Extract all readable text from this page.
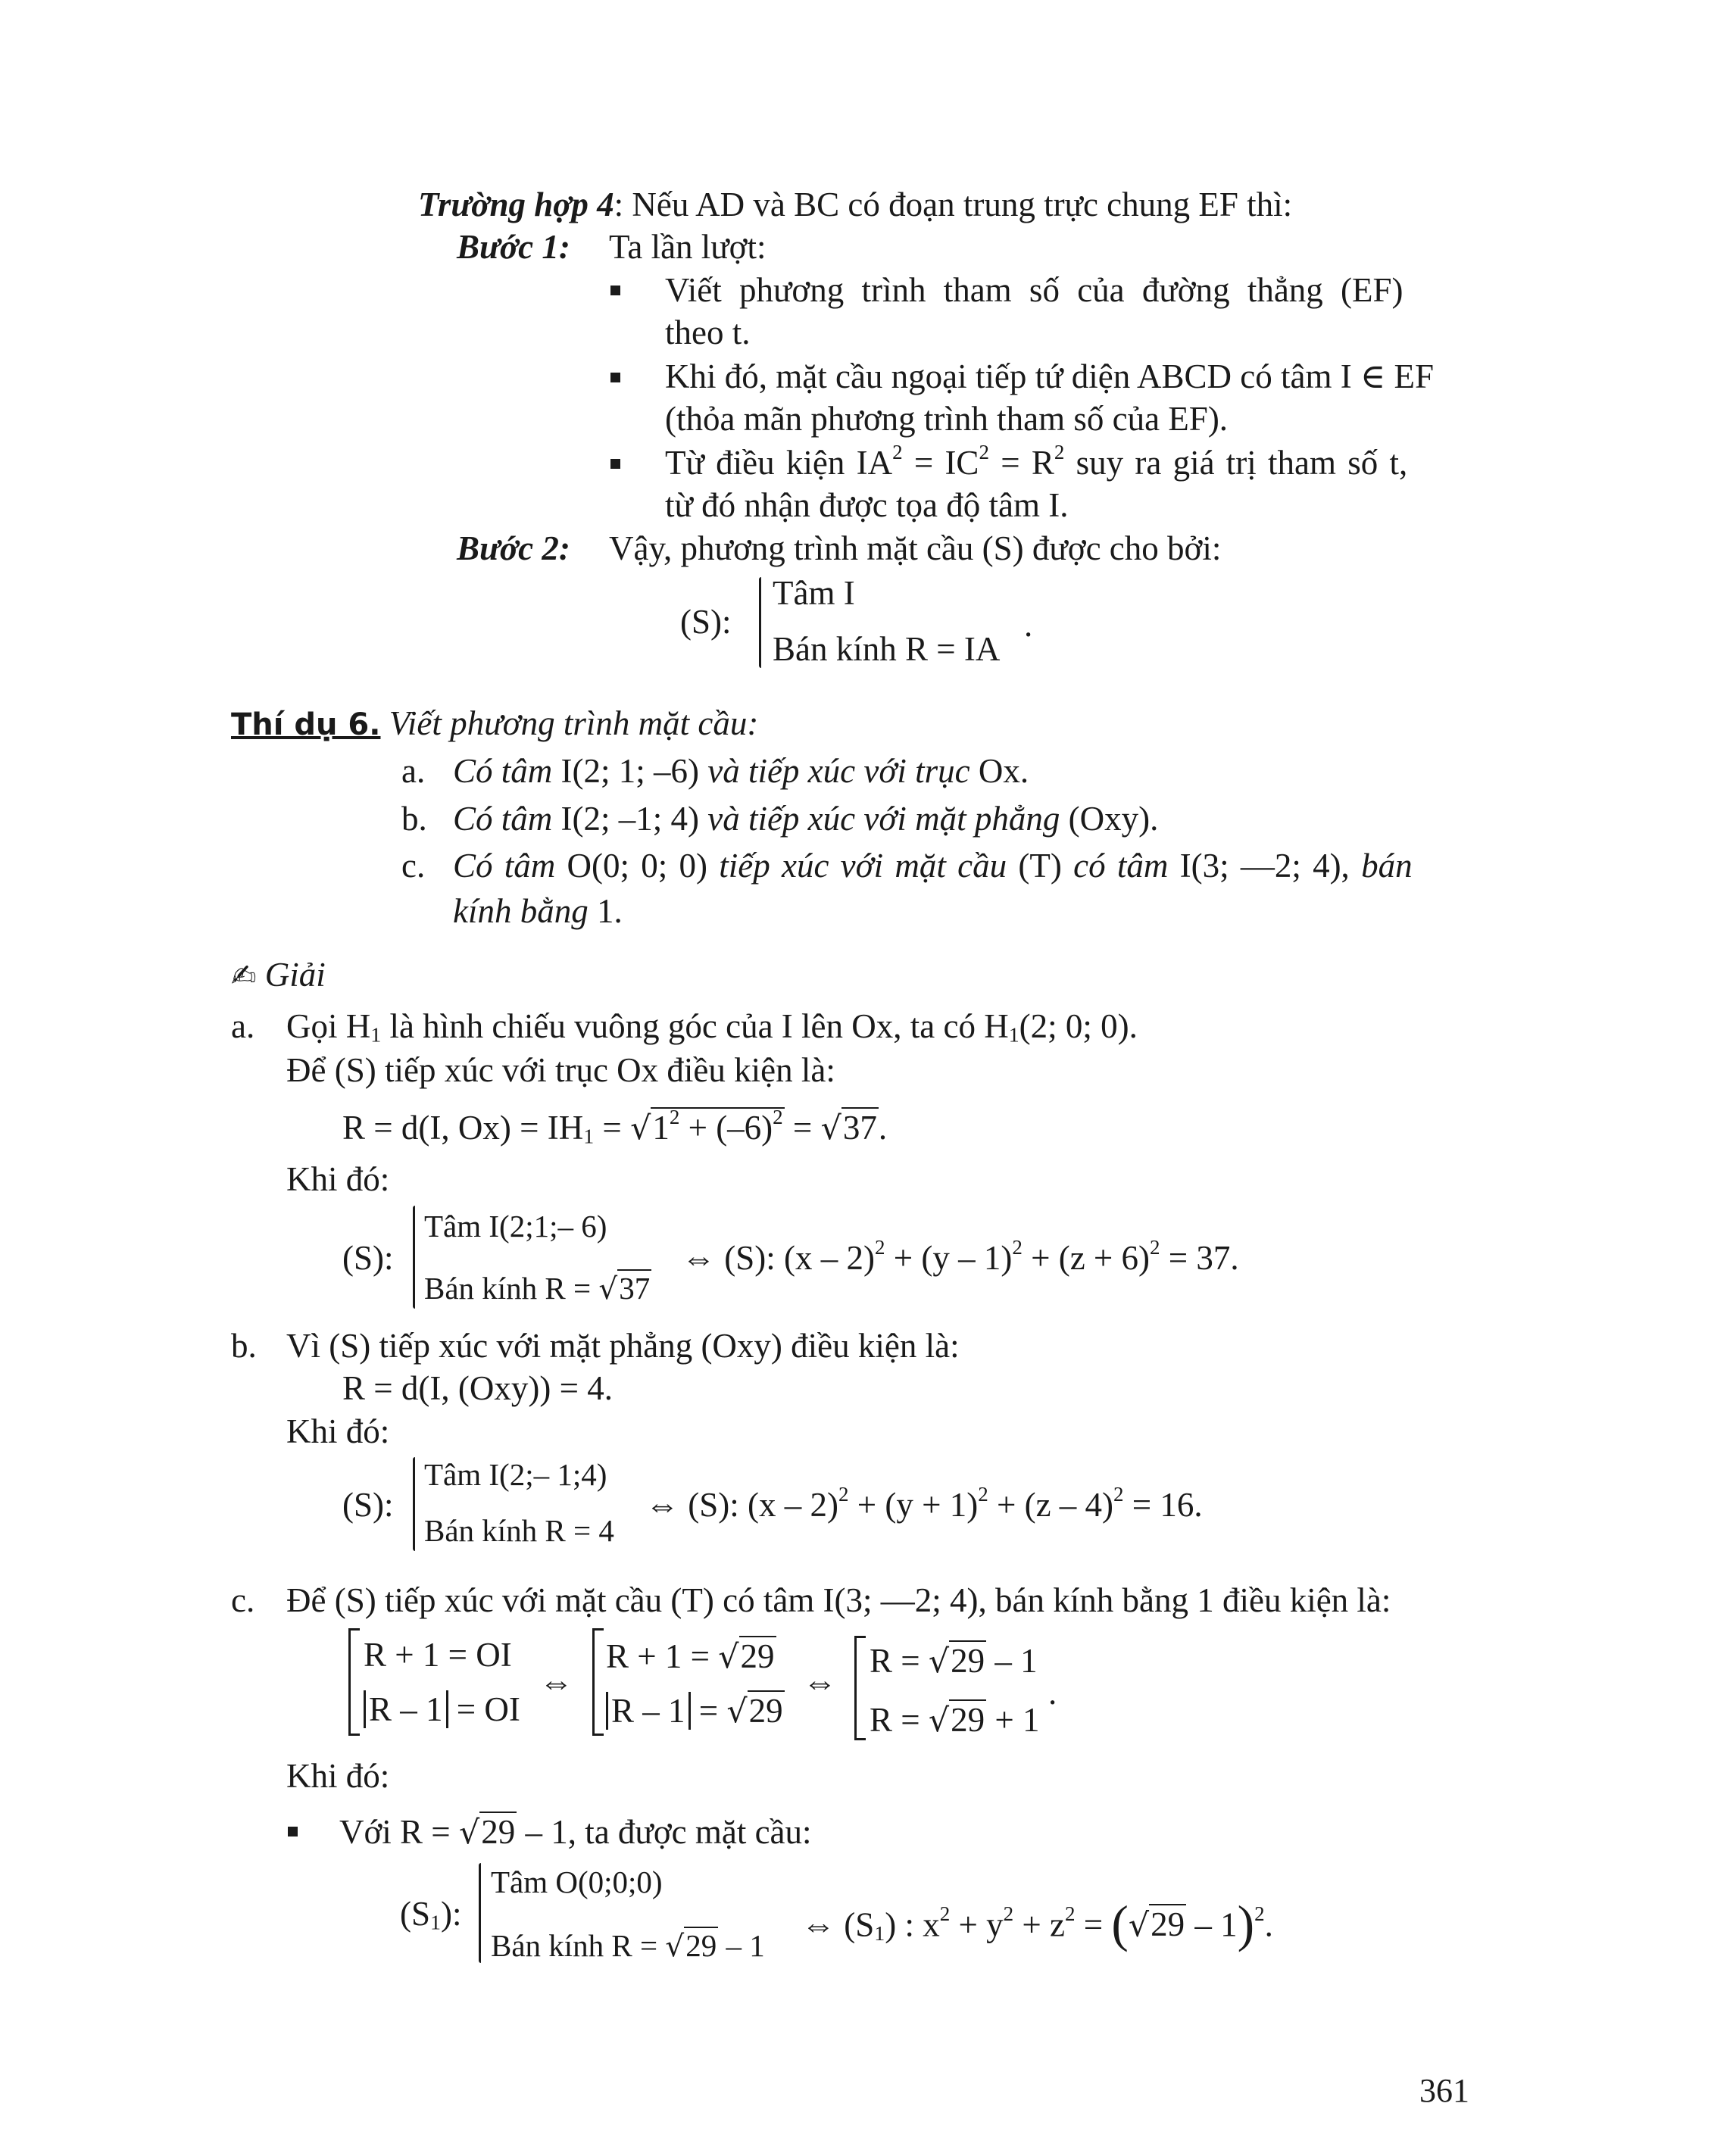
Trường hợp 4: Nếu AD và BC có đoạn trung trực chung EF thì:
Bước 1: Ta lần lượt:
Viết phương trình tham số của đường thẳng (EF)
theo t.
Khi đó, mặt cầu ngoại tiếp tứ diện ABCD có tâm I ∈ EF
(thỏa mãn phương trình tham số của EF).
Từ điều kiện $IA^2 = IC^2 = R^2$ suy ra giá trị tham số t,
từ đó nhận được tọa độ tâm I.
Bước 2: Vậy, phương trình mặt cầu (S) được cho bởi:
(S):
Tâm I
Bán kính R = IA
.
Thí dụ 6. Viết phương trình mặt cầu:
a. Có tâm I(2; 1; –6) và tiếp xúc với trục Ox.
b. Có tâm I(2; –1; 4) và tiếp xúc với mặt phẳng (Oxy).
c. Có tâm O(0; 0; 0) tiếp xúc với mặt cầu (T) có tâm I(3; —2; 4), bán
kính bằng 1.
✍ Giải
a. Gọi $H_1$ là hình chiếu vuông góc của I lên Ox, ta có $H_1(2$; 0; 0).
Để (S) tiếp xúc với trục Ox điều kiện là:
R = d(I, $Ox) = IH_1 = √1^2 + (-6)^2 = √37$.
Khi đó:
(S):
Tâm I(2;1;– 6)
Bán kính R = √37
⇔ (S): $(x - 2)^2 + (y - 1)^2 + (z + 6)^2 = 37$.
b. Vì (S) tiếp xúc với mặt phẳng (Oxy) điều kiện là:
R = d(I, (Oxy)) = 4.
Khi đó:
(S):
Tâm I(2;– 1;4)
Bán kính R = 4
⇔ (S): $(x - 2)^2 + (y + 1)^2 + (z - 4)^2 = 16$.
c. Để (S) tiếp xúc với mặt cầu (T) có tâm I(3; —2; 4), bán kính bằng 1 điều kiện là:
R + 1 = OI
R – 1 = OI
⇔
R + 1 = √29
R – 1 = √29
⇔
R = √29 – 1
R = √29 + 1
.
Khi đó:
Với R = √29 – 1, ta được mặt cầu:
$(S_1)$:
Tâm O(0;0;0)
Bán kính R = √29 – 1
⇔ $(S_1)$ : $x^2 + y^2 + z^2 = (√29 - 1)^2$.
361
